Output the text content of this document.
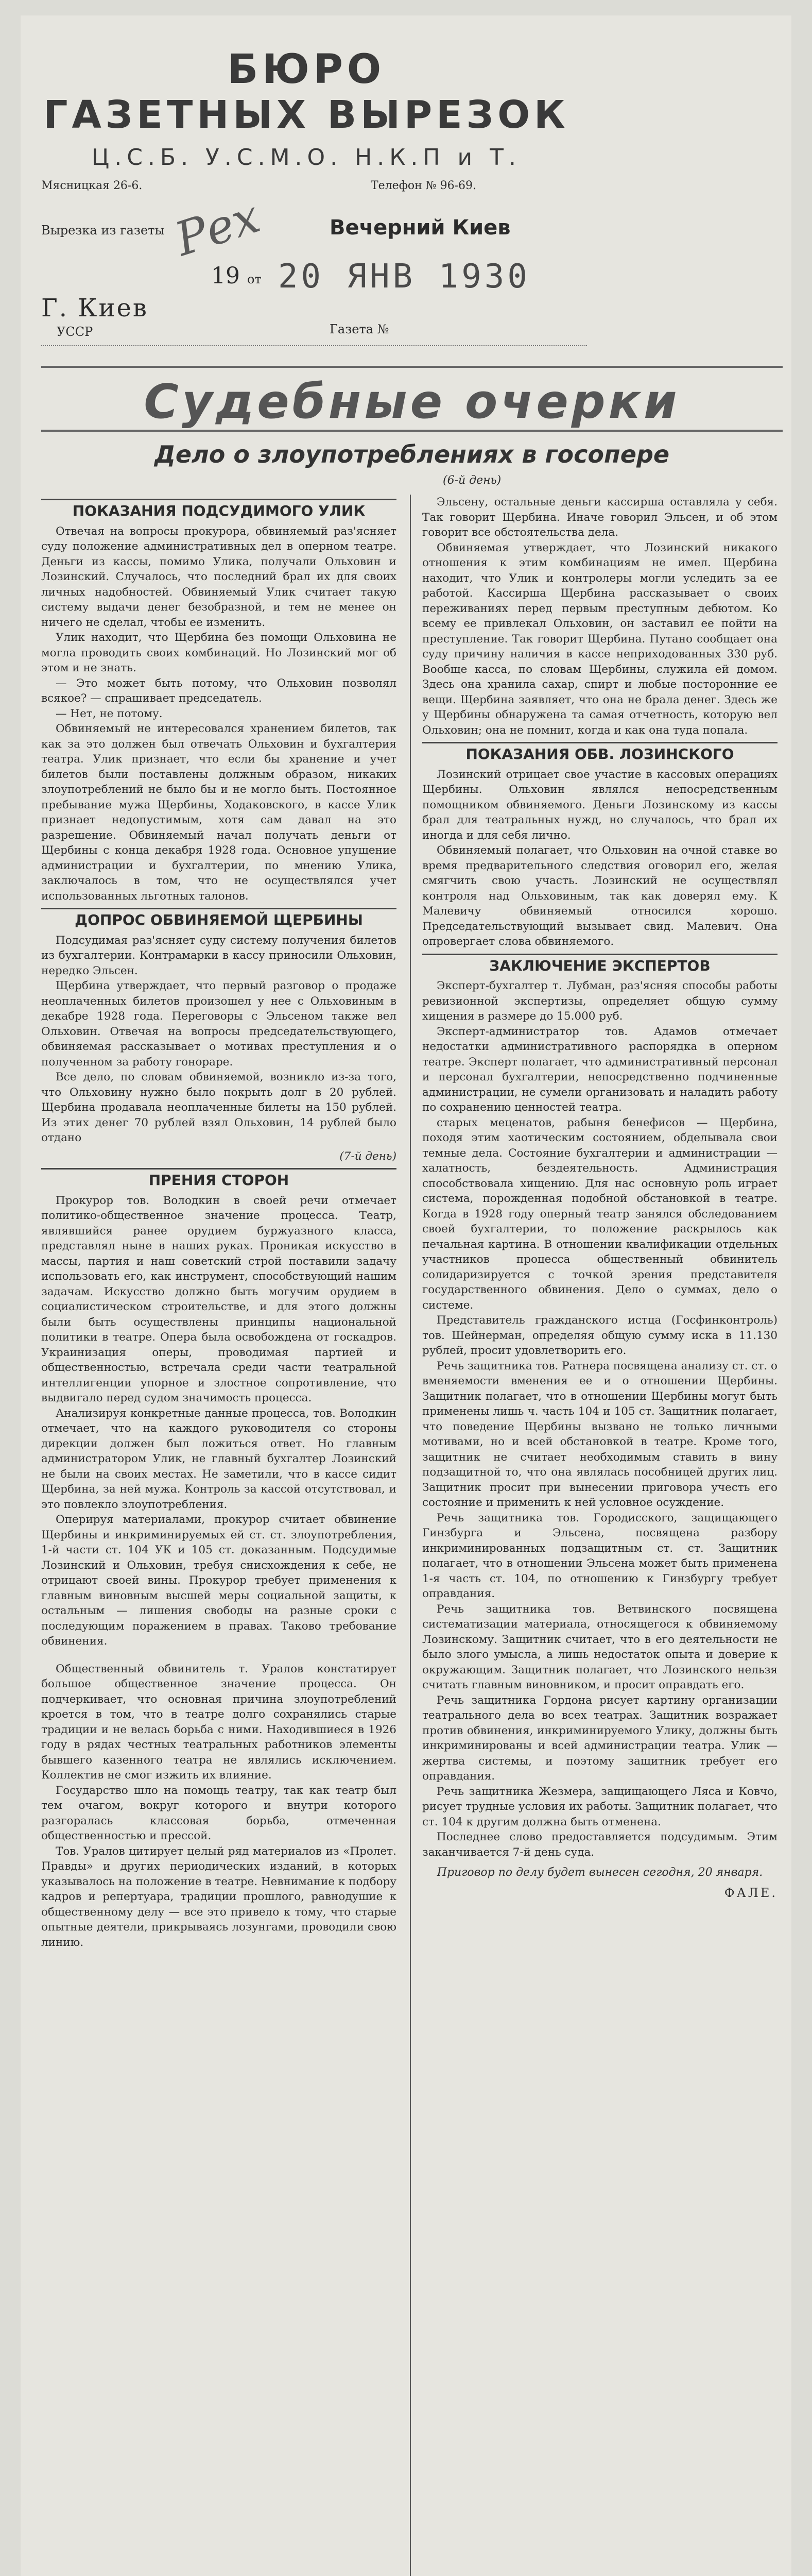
БЮРО
ГАЗЕТНЫХ ВЫРЕЗОК
Ц.С.Б. У.С.М.О. Н.К.П и Т.
Мясницкая 26-6.	Телефон № 96-69.
Вырезка из газеты	Вечерний Киев
Рех
19 от 20 ЯНВ 1930
Г. Киев
УССР	Газета №
Судебные очерки
Дело о злоупотреблениях в госопере
(6-й день)
ПОКАЗАНИЯ ПОДСУДИМОГО УЛИК

Отвечая на вопросы прокурора, обвиняемый раз'ясняет суду положение административных дел в оперном театре. Деньги из кассы, помимо Улика, получали Ольховин и Лозинский. Случалось, что последний брал их для своих личных надобностей. Обвиняемый Улик считает такую систему выдачи денег безобразной, и тем не менее он ничего не сделал, чтобы ее изменить.

Улик находит, что Щербина без помощи Ольховина не могла проводить своих комбинаций. Но Лозинский мог об этом и не знать.

— Это может быть потому, что Ольховин позволял всякое? — спрашивает председатель.

— Нет, не потому.

Обвиняемый не интересовался хранением билетов, так как за это должен был отвечать Ольховин и бухгалтерия театра. Улик признает, что если бы хранение и учет билетов были поставлены должным образом, никаких злоупотреблений не было бы и не могло быть. Постоянное пребывание мужа Щербины, Ходаковского, в кассе Улик признает недопустимым, хотя сам давал на это разрешение. Обвиняемый начал получать деньги от Щербины с конца декабря 1928 года. Основное упущение администрации и бухгалтерии, по мнению Улика, заключалось в том, что не осуществлялся учет использованных льготных талонов.

ДОПРОС ОБВИНЯЕМОЙ ЩЕРБИНЫ

Подсудимая раз'ясняет суду систему получения билетов из бухгалтерии. Контрамарки в кассу приносили Ольховин, нередко Эльсен.

Щербина утверждает, что первый разговор о продаже неоплаченных билетов произошел у нее с Ольховиным в декабре 1928 года. Переговоры с Эльсеном также вел Ольховин. Отвечая на вопросы председательствующего, обвиняемая рассказывает о мотивах преступления и о полученном за работу гонораре.

Все дело, по словам обвиняемой, возникло из-за того, что Ольховину нужно было покрыть долг в 20 рублей. Щербина продавала неоплаченные билеты на 150 рублей. Из этих денег 70 рублей взял Ольховин, 14 рублей было отдано

(7-й день)
ПРЕНИЯ СТОРОН

Прокурор тов. Володкин в своей речи отмечает политико-общественное значение процесса. Театр, являвшийся ранее орудием буржуазного класса, представлял ныне в наших руках. Проникая искусство в массы, партия и наш советский строй поставили задачу использовать его, как инструмент, способствующий нашим задачам. Искусство должно быть могучим орудием в социалистическом строительстве, и для этого должны были быть осуществлены принципы национальной политики в театре. Опера была освобождена от госкадров. Украинизация оперы, проводимая партией и общественностью, встречала среди части театральной интеллигенции упорное и злостное сопротивление, что выдвигало перед судом значимость процесса.

Анализируя конкретные данные процесса, тов. Володкин отмечает, что на каждого руководителя со стороны дирекции должен был ложиться ответ. Но главным администратором Улик, не главный бухгалтер Лозинский не были на своих местах. Не заметили, что в кассе сидит Щербина, за ней мужа. Контроль за кассой отсутствовал, и это повлекло злоупотребления.

Оперируя материалами, прокурор считает обвинение Щербины и инкриминируемых ей ст. ст. злоупотребления, 1-й части ст. 104 УК и 105 ст. доказанным. Подсудимые Лозинский и Ольховин, требуя снисхождения к себе, не отрицают своей вины. Прокурор требует применения к главным виновным высшей меры социальной защиты, к остальным — лишения свободы на разные сроки с последующим поражением в правах. Таково требование обвинения.

Общественный обвинитель т. Уралов констатирует большое общественное значение процесса. Он подчеркивает, что основная причина злоупотреблений кроется в том, что в театре долго сохранялись старые традиции и не велась борьба с ними. Находившиеся в 1926 году в рядах честных театральных работников элементы бывшего казенного театра не являлись исключением. Коллектив не смог изжить их влияние.

Государство шло на помощь театру, так как театр был тем очагом, вокруг которого и внутри которого разгоралась классовая борьба, отмеченная общественностью и прессой.

Тов. Уралов цитирует целый ряд материалов из «Пролет. Правды» и других периодических изданий, в которых указывалось на положение в театре. Невнимание к подбору кадров и репертуара, традиции прошлого, равнодушие к общественному делу — все это привело к тому, что старые опытные деятели, прикрываясь лозунгами, проводили свою линию.

Эльсену, остальные деньги кассирша оставляла у себя. Так говорит Щербина. Иначе говорил Эльсен, и об этом говорит все обстоятельства дела.

Обвиняемая утверждает, что Лозинский никакого отношения к этим комбинациям не имел. Щербина находит, что Улик и контролеры могли уследить за ее работой. Кассирша Щербина рассказывает о своих переживаниях перед первым преступным дебютом. Ко всему ее привлекал Ольховин, он заставил ее пойти на преступление. Так говорит Щербина. Путано сообщает она суду причину наличия в кассе неприходованных 330 руб. Вообще касса, по словам Щербины, служила ей домом. Здесь она хранила сахар, спирт и любые посторонние ее вещи. Щербина заявляет, что она не брала денег. Здесь же у Щербины обнаружена та самая отчетность, которую вел Ольховин; она не помнит, когда и как она туда попала.

ПОКАЗАНИЯ ОБВ. ЛОЗИНСКОГО

Лозинский отрицает свое участие в кассовых операциях Щербины. Ольховин являлся непосредственным помощником обвиняемого. Деньги Лозинскому из кассы брал для театральных нужд, но случалось, что брал их иногда и для себя лично.

Обвиняемый полагает, что Ольховин на очной ставке во время предварительного следствия оговорил его, желая смягчить свою участь. Лозинский не осуществлял контроля над Ольховиным, так как доверял ему. К Малевичу обвиняемый относился хорошо. Председательствующий вызывает свид. Малевич. Она опровергает слова обвиняемого.

ЗАКЛЮЧЕНИЕ ЭКСПЕРТОВ

Эксперт-бухгалтер т. Лубман, раз'ясняя способы работы ревизионной экспертизы, определяет общую сумму хищения в размере до 15.000 руб.

Эксперт-администратор тов. Адамов отмечает недостатки административного распорядка в оперном театре. Эксперт полагает, что административный персонал и персонал бухгалтерии, непосредственно подчиненные администрации, не сумели организовать и наладить работу по сохранению ценностей театра.

старых меценатов, рабыня бенефисов — Щербина, походя этим хаотическим состоянием, обделывала свои темные дела. Состояние бухгалтерии и администрации — халатность, бездеятельность. Администрация способствовала хищению. Для нас основную роль играет система, порожденная подобной обстановкой в театре. Когда в 1928 году оперный театр занялся обследованием своей бухгалтерии, то положение раскрылось как печальная картина. В отношении квалификации отдельных участников процесса общественный обвинитель солидаризируется с точкой зрения представителя государственного обвинения. Дело о суммах, дело о системе.

Представитель гражданского истца (Госфинконтроль) тов. Шейнерман, определяя общую сумму иска в 11.130 рублей, просит удовлетворить его.

Речь защитника тов. Ратнера посвящена анализу ст. ст. о вменяемости вменения ее и о отношении Щербины. Защитник полагает, что в отношении Щербины могут быть применены лишь ч. часть 104 и 105 ст. Защитник полагает, что поведение Щербины вызвано не только личными мотивами, но и всей обстановкой в театре. Кроме того, защитник не считает необходимым ставить в вину подзащитной то, что она являлась пособницей других лиц. Защитник просит при вынесении приговора учесть его состояние и применить к ней условное осуждение.

Речь защитника тов. Городисского, защищающего Гинзбурга и Эльсена, посвящена разбору инкриминированных подзащитным ст. ст. Защитник полагает, что в отношении Эльсена может быть применена 1-я часть ст. 104, по отношению к Гинзбургу требует оправдания.

Речь защитника тов. Ветвинского посвящена систематизации материала, относящегося к обвиняемому Лозинскому. Защитник считает, что в его деятельности не было злого умысла, а лишь недостаток опыта и доверие к окружающим. Защитник полагает, что Лозинского нельзя считать главным виновником, и просит оправдать его.

Речь защитника Гордона рисует картину организации театрального дела во всех театрах. Защитник возражает против обвинения, инкриминируемого Улику, должны быть инкриминированы и всей администрации театра. Улик — жертва системы, и поэтому защитник требует его оправдания.

Речь защитника Жезмера, защищающего Ляса и Ковчо, рисует трудные условия их работы. Защитник полагает, что ст. 104 к другим должна быть отменена.

Последнее слово предоставляется подсудимым. Этим заканчивается 7-й день суда.

Приговор по делу будет вынесен сегодня, 20 января.
ФАЛЕ.
